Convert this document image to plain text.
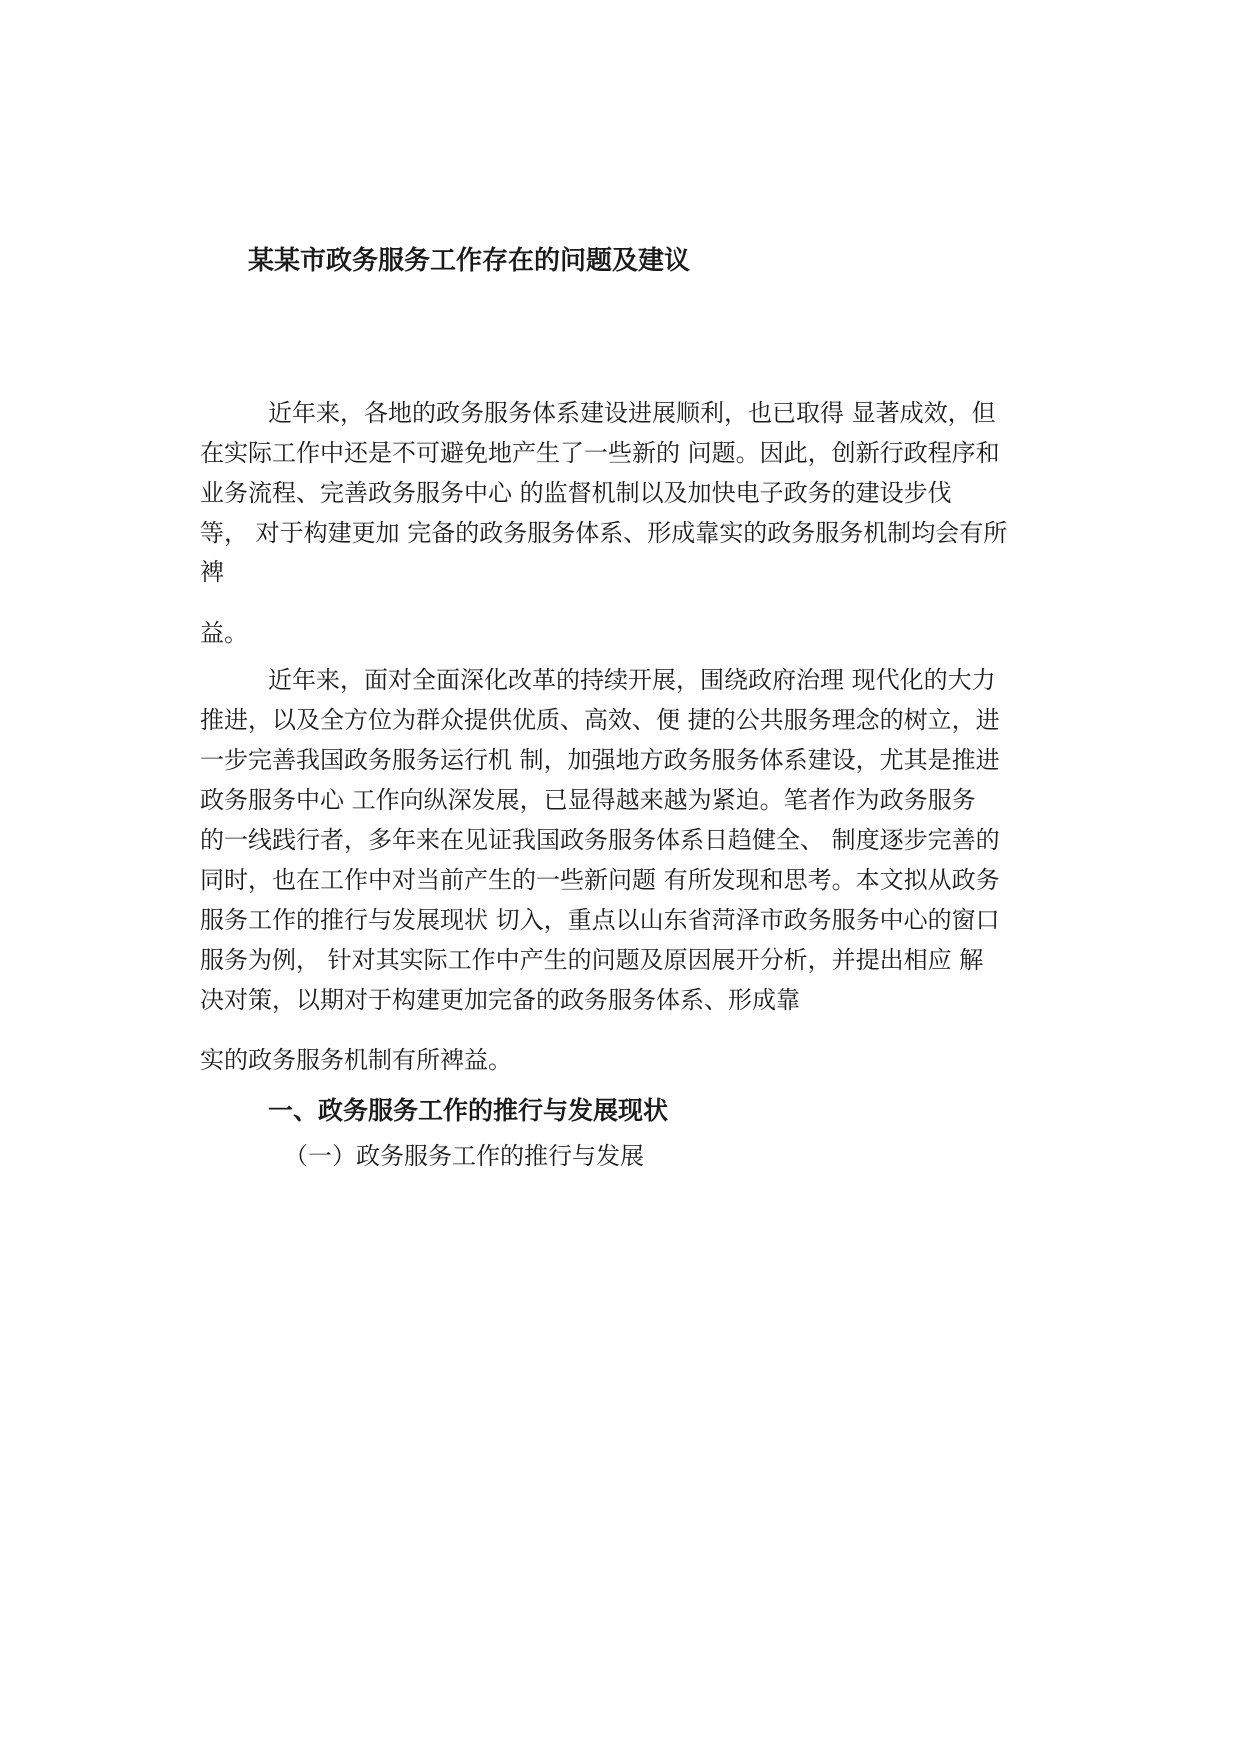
某某市政务服务工作存在的问题及建议
近年来，各地的政务服务体系建设进展顺利，也已取得 显著成效，但
在实际工作中还是不可避免地产生了一些新的 问题。因此，创新行政程序和
业务流程、完善政务服务中心 的监督机制以及加快电子政务的建设步伐
等， 对于构建更加 完备的政务服务体系、形成靠实的政务服务机制均会有所
裨
益。
近年来，面对全面深化改革的持续开展，围绕政府治理 现代化的大力
推进，以及全方位为群众提供优质、高效、便 捷的公共服务理念的树立，进
一步完善我国政务服务运行机 制，加强地方政务服务体系建设，尤其是推进
政务服务中心 工作向纵深发展，已显得越来越为紧迫。笔者作为政务服务
的一线践行者，多年来在见证我国政务服务体系日趋健全、 制度逐步完善的
同时，也在工作中对当前产生的一些新问题 有所发现和思考。本文拟从政务
服务工作的推行与发展现状 切入，重点以山东省菏泽市政务服务中心的窗口
服务为例， 针对其实际工作中产生的问题及原因展开分析，并提出相应 解
决对策，以期对于构建更加完备的政务服务体系、形成靠
实的政务服务机制有所裨益。
一、政务服务工作的推行与发展现状
（一）政务服务工作的推行与发展
